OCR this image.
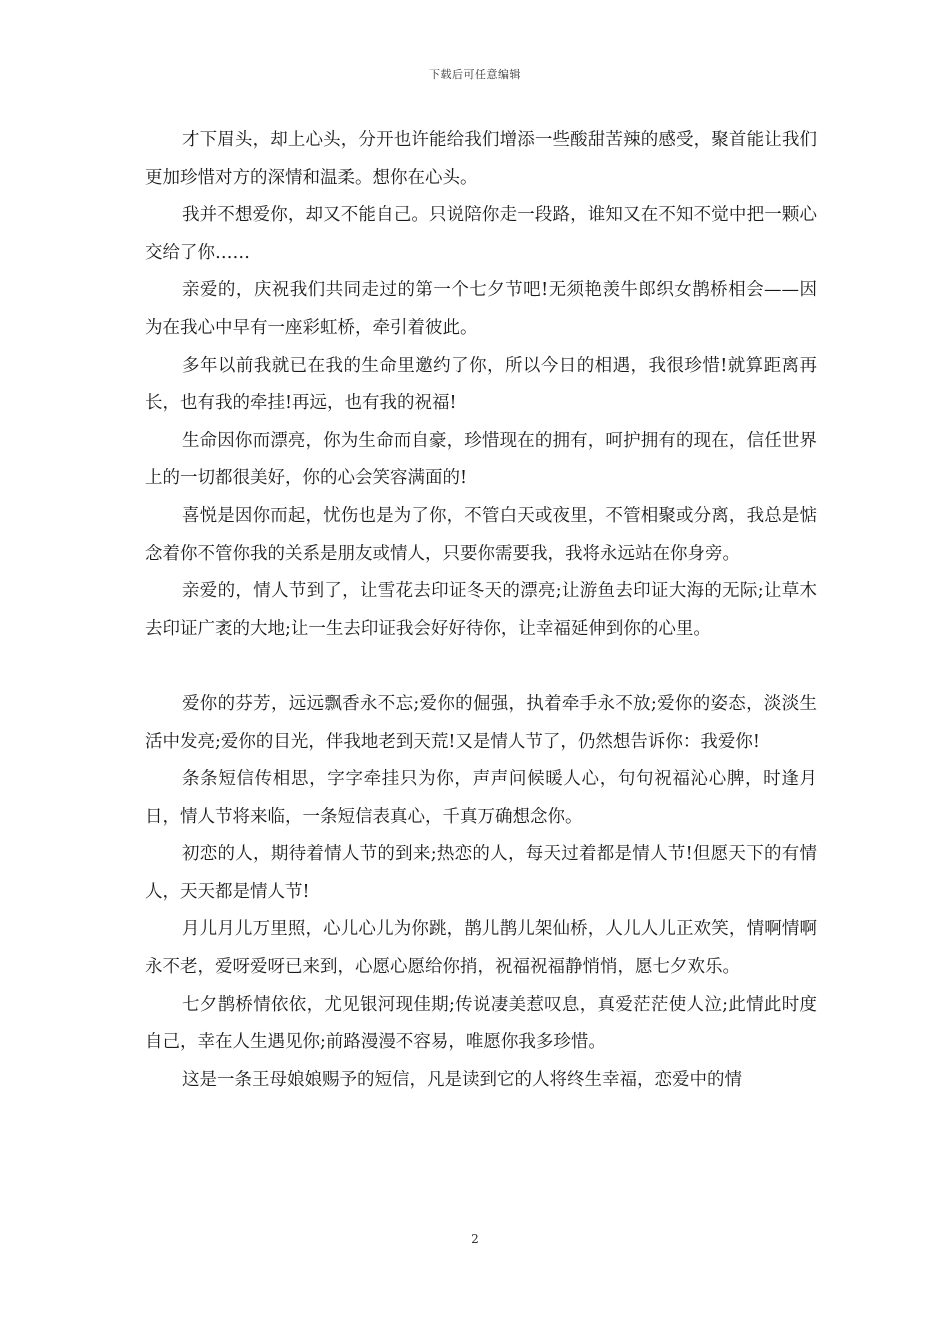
下载后可任意编辑

才下眉头，却上心头，分开也许能给我们增添一些酸甜苦辣的感受，聚首能让我们更加珍惜对方的深情和温柔。想你在心头。

我并不想爱你，却又不能自己。只说陪你走一段路，谁知又在不知不觉中把一颗心交给了你……

亲爱的，庆祝我们共同走过的第一个七夕节吧!无须艳羡牛郎织女鹊桥相会——因为在我心中早有一座彩虹桥，牵引着彼此。

多年以前我就已在我的生命里邀约了你，所以今日的相遇，我很珍惜!就算距离再长，也有我的牵挂!再远，也有我的祝福!

生命因你而漂亮，你为生命而自豪，珍惜现在的拥有，呵护拥有的现在，信任世界上的一切都很美好，你的心会笑容满面的!

喜悦是因你而起，忧伤也是为了你，不管白天或夜里，不管相聚或分离，我总是惦念着你不管你我的关系是朋友或情人，只要你需要我，我将永远站在你身旁。

亲爱的，情人节到了，让雪花去印证冬天的漂亮;让游鱼去印证大海的无际;让草木去印证广袤的大地;让一生去印证我会好好待你，让幸福延伸到你的心里。

爱你的芬芳，远远飘香永不忘;爱你的倔强，执着牵手永不放;爱你的姿态，淡淡生活中发亮;爱你的目光，伴我地老到天荒!又是情人节了，仍然想告诉你：我爱你!

条条短信传相思，字字牵挂只为你，声声问候暖人心，句句祝福沁心脾，时逢月日，情人节将来临，一条短信表真心，千真万确想念你。

初恋的人，期待着情人节的到来;热恋的人，每天过着都是情人节!但愿天下的有情人，天天都是情人节!

月儿月儿万里照，心儿心儿为你跳，鹊儿鹊儿架仙桥，人儿人儿正欢笑，情啊情啊永不老，爱呀爱呀已来到，心愿心愿给你捎，祝福祝福静悄悄，愿七夕欢乐。

七夕鹊桥情依依，尤见银河现佳期;传说凄美惹叹息，真爱茫茫使人泣;此情此时度自己，幸在人生遇见你;前路漫漫不容易，唯愿你我多珍惜。

这是一条王母娘娘赐予的短信，凡是读到它的人将终生幸福，恋爱中的情

2
